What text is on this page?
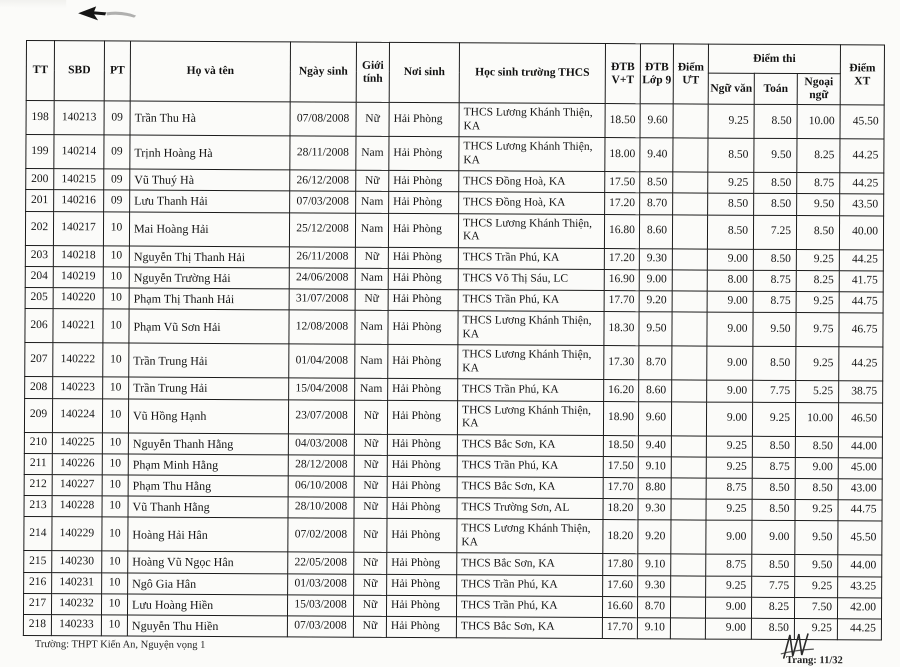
TT	SBD	PT	Họ và tên	Ngày sinh	Giới tính	Nơi sinh	Học sinh trường THCS	ĐTB V+T	ĐTB Lớp 9	Điểm ƯT	Điểm thi			Điểm XT
											Ngữ văn	Toán	Ngoại ngữ	
198	140213	09	Trần Thu Hà	07/08/2008	Nữ	Hải Phòng	THCS Lương Khánh Thiện, KA	18.50	9.60		9.25	8.50	10.00	45.50
199	140214	09	Trịnh Hoàng Hà	28/11/2008	Nam	Hải Phòng	THCS Lương Khánh Thiện, KA	18.00	9.40		8.50	9.50	8.25	44.25
200	140215	09	Vũ Thuý Hà	26/12/2008	Nữ	Hải Phòng	THCS Đồng Hoà, KA	17.50	8.50		9.25	8.50	8.75	44.25
201	140216	09	Lưu Thanh Hải	07/03/2008	Nam	Hải Phòng	THCS Đồng Hoà, KA	17.20	8.70		8.50	8.50	9.50	43.50
202	140217	10	Mai Hoàng Hải	25/12/2008	Nam	Hải Phòng	THCS Lương Khánh Thiện, KA	16.80	8.60		8.50	7.25	8.50	40.00
203	140218	10	Nguyễn Thị Thanh Hải	26/11/2008	Nữ	Hải Phòng	THCS Trần Phú, KA	17.20	9.30		9.00	8.50	9.25	44.25
204	140219	10	Nguyễn Trường Hải	24/06/2008	Nam	Hải Phòng	THCS Võ Thị Sáu, LC	16.90	9.00		8.00	8.75	8.25	41.75
205	140220	10	Phạm Thị Thanh Hải	31/07/2008	Nữ	Hải Phòng	THCS Trần Phú, KA	17.70	9.20		9.00	8.75	9.25	44.75
206	140221	10	Phạm Vũ Sơn Hải	12/08/2008	Nam	Hải Phòng	THCS Lương Khánh Thiện, KA	18.30	9.50		9.00	9.50	9.75	46.75
207	140222	10	Trần Trung Hải	01/04/2008	Nam	Hải Phòng	THCS Lương Khánh Thiện, KA	17.30	8.70		9.00	8.50	9.25	44.25
208	140223	10	Trần Trung Hải	15/04/2008	Nam	Hải Phòng	THCS Trần Phú, KA	16.20	8.60		9.00	7.75	5.25	38.75
209	140224	10	Vũ Hồng Hạnh	23/07/2008	Nữ	Hải Phòng	THCS Lương Khánh Thiện, KA	18.90	9.60		9.00	9.25	10.00	46.50
210	140225	10	Nguyễn Thanh Hằng	04/03/2008	Nữ	Hải Phòng	THCS Bắc Sơn, KA	18.50	9.40		9.25	8.50	8.50	44.00
211	140226	10	Phạm Minh Hằng	28/12/2008	Nữ	Hải Phòng	THCS Trần Phú, KA	17.50	9.10		9.25	8.75	9.00	45.00
212	140227	10	Phạm Thu Hằng	06/10/2008	Nữ	Hải Phòng	THCS Bắc Sơn, KA	17.70	8.80		8.75	8.50	8.50	43.00
213	140228	10	Vũ Thanh Hằng	28/10/2008	Nữ	Hải Phòng	THCS Trường Sơn, AL	18.20	9.30		9.25	8.50	9.25	44.75
214	140229	10	Hoàng Hải Hân	07/02/2008	Nữ	Hải Phòng	THCS Lương Khánh Thiện, KA	18.20	9.20		9.00	9.00	9.50	45.50
215	140230	10	Hoàng Vũ Ngọc Hân	22/05/2008	Nữ	Hải Phòng	THCS Bắc Sơn, KA	17.80	9.10		8.75	8.50	9.50	44.00
216	140231	10	Ngô Gia Hân	01/03/2008	Nữ	Hải Phòng	THCS Trần Phú, KA	17.60	9.30		9.25	7.75	9.25	43.25
217	140232	10	Lưu Hoàng Hiền	15/03/2008	Nữ	Hải Phòng	THCS Trần Phú, KA	16.60	8.70		9.00	8.25	7.50	42.00
218	140233	10	Nguyễn Thu Hiền	07/03/2008	Nữ	Hải Phòng	THCS Bắc Sơn, KA	17.70	9.10		9.00	8.50	9.25	44.25
Trường: THPT Kiến An, Nguyện vọng 1
Trang: 11/32
